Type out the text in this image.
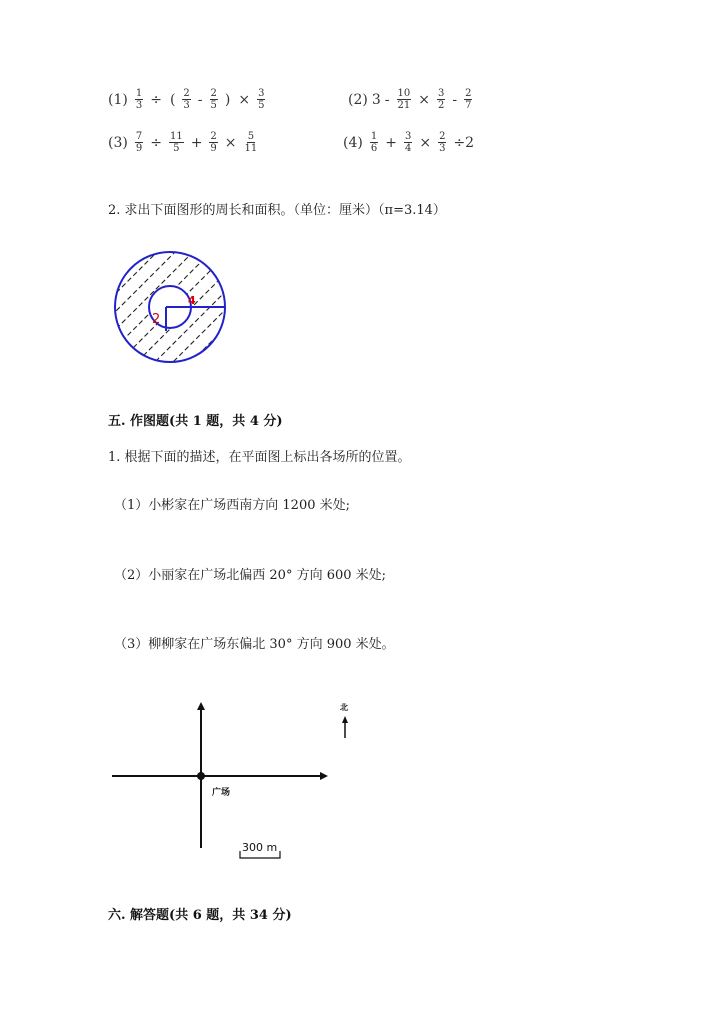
$(1) \frac{1}{3}$ ÷ ( $\frac{2}{3} - \frac{2}{5}$ ) × $\frac{3}{5}$	(2) $3 - \frac{10}{21} \times \frac{3}{2} - \frac{2}{7}$
$(3) \frac{7}{9} \div \frac{11}{5} + \frac{2}{9} \times \frac{5}{11}$	$(4) \frac{1}{6} + \frac{3}{4} \times \frac{2}{3} \div 2$
2. 求出下面图形的周长和面积。（单位：厘米）（π=3.14）
2
4
五. 作图题(共 1 题，共 4 分)
1. 根据下面的描述，在平面图上标出各场所的位置。
（1）小彬家在广场西南方向 1200 米处;
（2）小丽家在广场北偏西 20° 方向 600 米处;
（3）柳柳家在广场东偏北 30° 方向 900 米处。
广场
北
300 m
六. 解答题(共 6 题，共 34 分)
